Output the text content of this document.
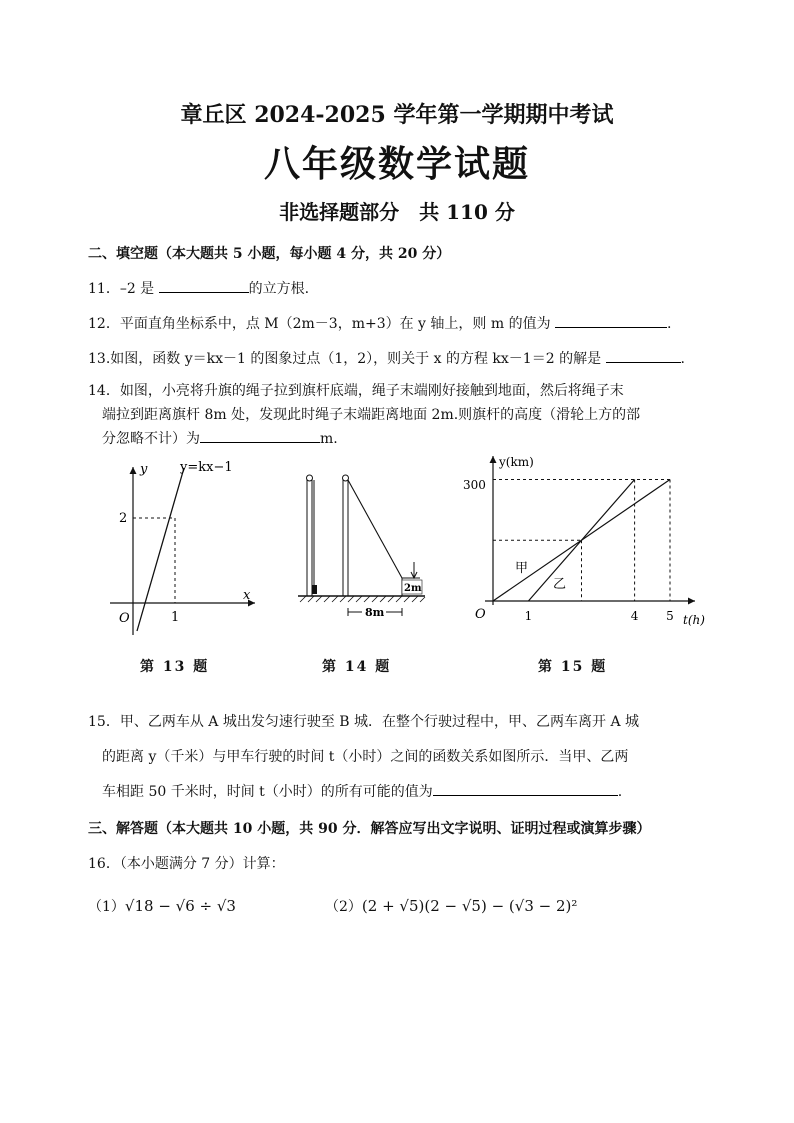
章丘区 2024-2025 学年第一学期期中考试
八年级数学试题
非选择题部分　共 110 分
二、填空题（本大题共 5 小题，每小题 4 分，共 20 分）
11．–2 是	的立方根.
12．平面直角坐标系中，点 M（2m－3，m+3）在 y 轴上，则 m 的值为	.
13.如图，函数 y＝kx－1 的图象过点（1，2），则关于 x 的方程 kx－1＝2 的解是	.
14．如图，小亮将升旗的绳子拉到旗杆底端，绳子末端刚好接触到地面，然后将绳子末
端拉到距离旗杆 8m 处，发现此时绳子末端距离地面 2m.则旗杆的高度（滑轮上方的部
分忽略不计）为	m.
y
x
y=kx−1
2
1
O
第 13 题
2m
8m
第 14 题
y(km)
t(h)
O
300
1	4 5
甲
乙
第 15 题
15．甲、乙两车从 A 城出发匀速行驶至 B 城．在整个行驶过程中，甲、乙两车离开 A 城
的距离 y（千米）与甲车行驶的时间 t（小时）之间的函数关系如图所示．当甲、乙两
车相距 50 千米时，时间 t（小时）的所有可能的值为	.
三、解答题（本大题共 10 小题，共 90 分．解答应写出文字说明、证明过程或演算步骤）
16．（本小题满分 7 分）计算：
（1）√18 − √6 ÷ √3	（2）(2 + √5)(2 − √5) − (√3 − 2)²
